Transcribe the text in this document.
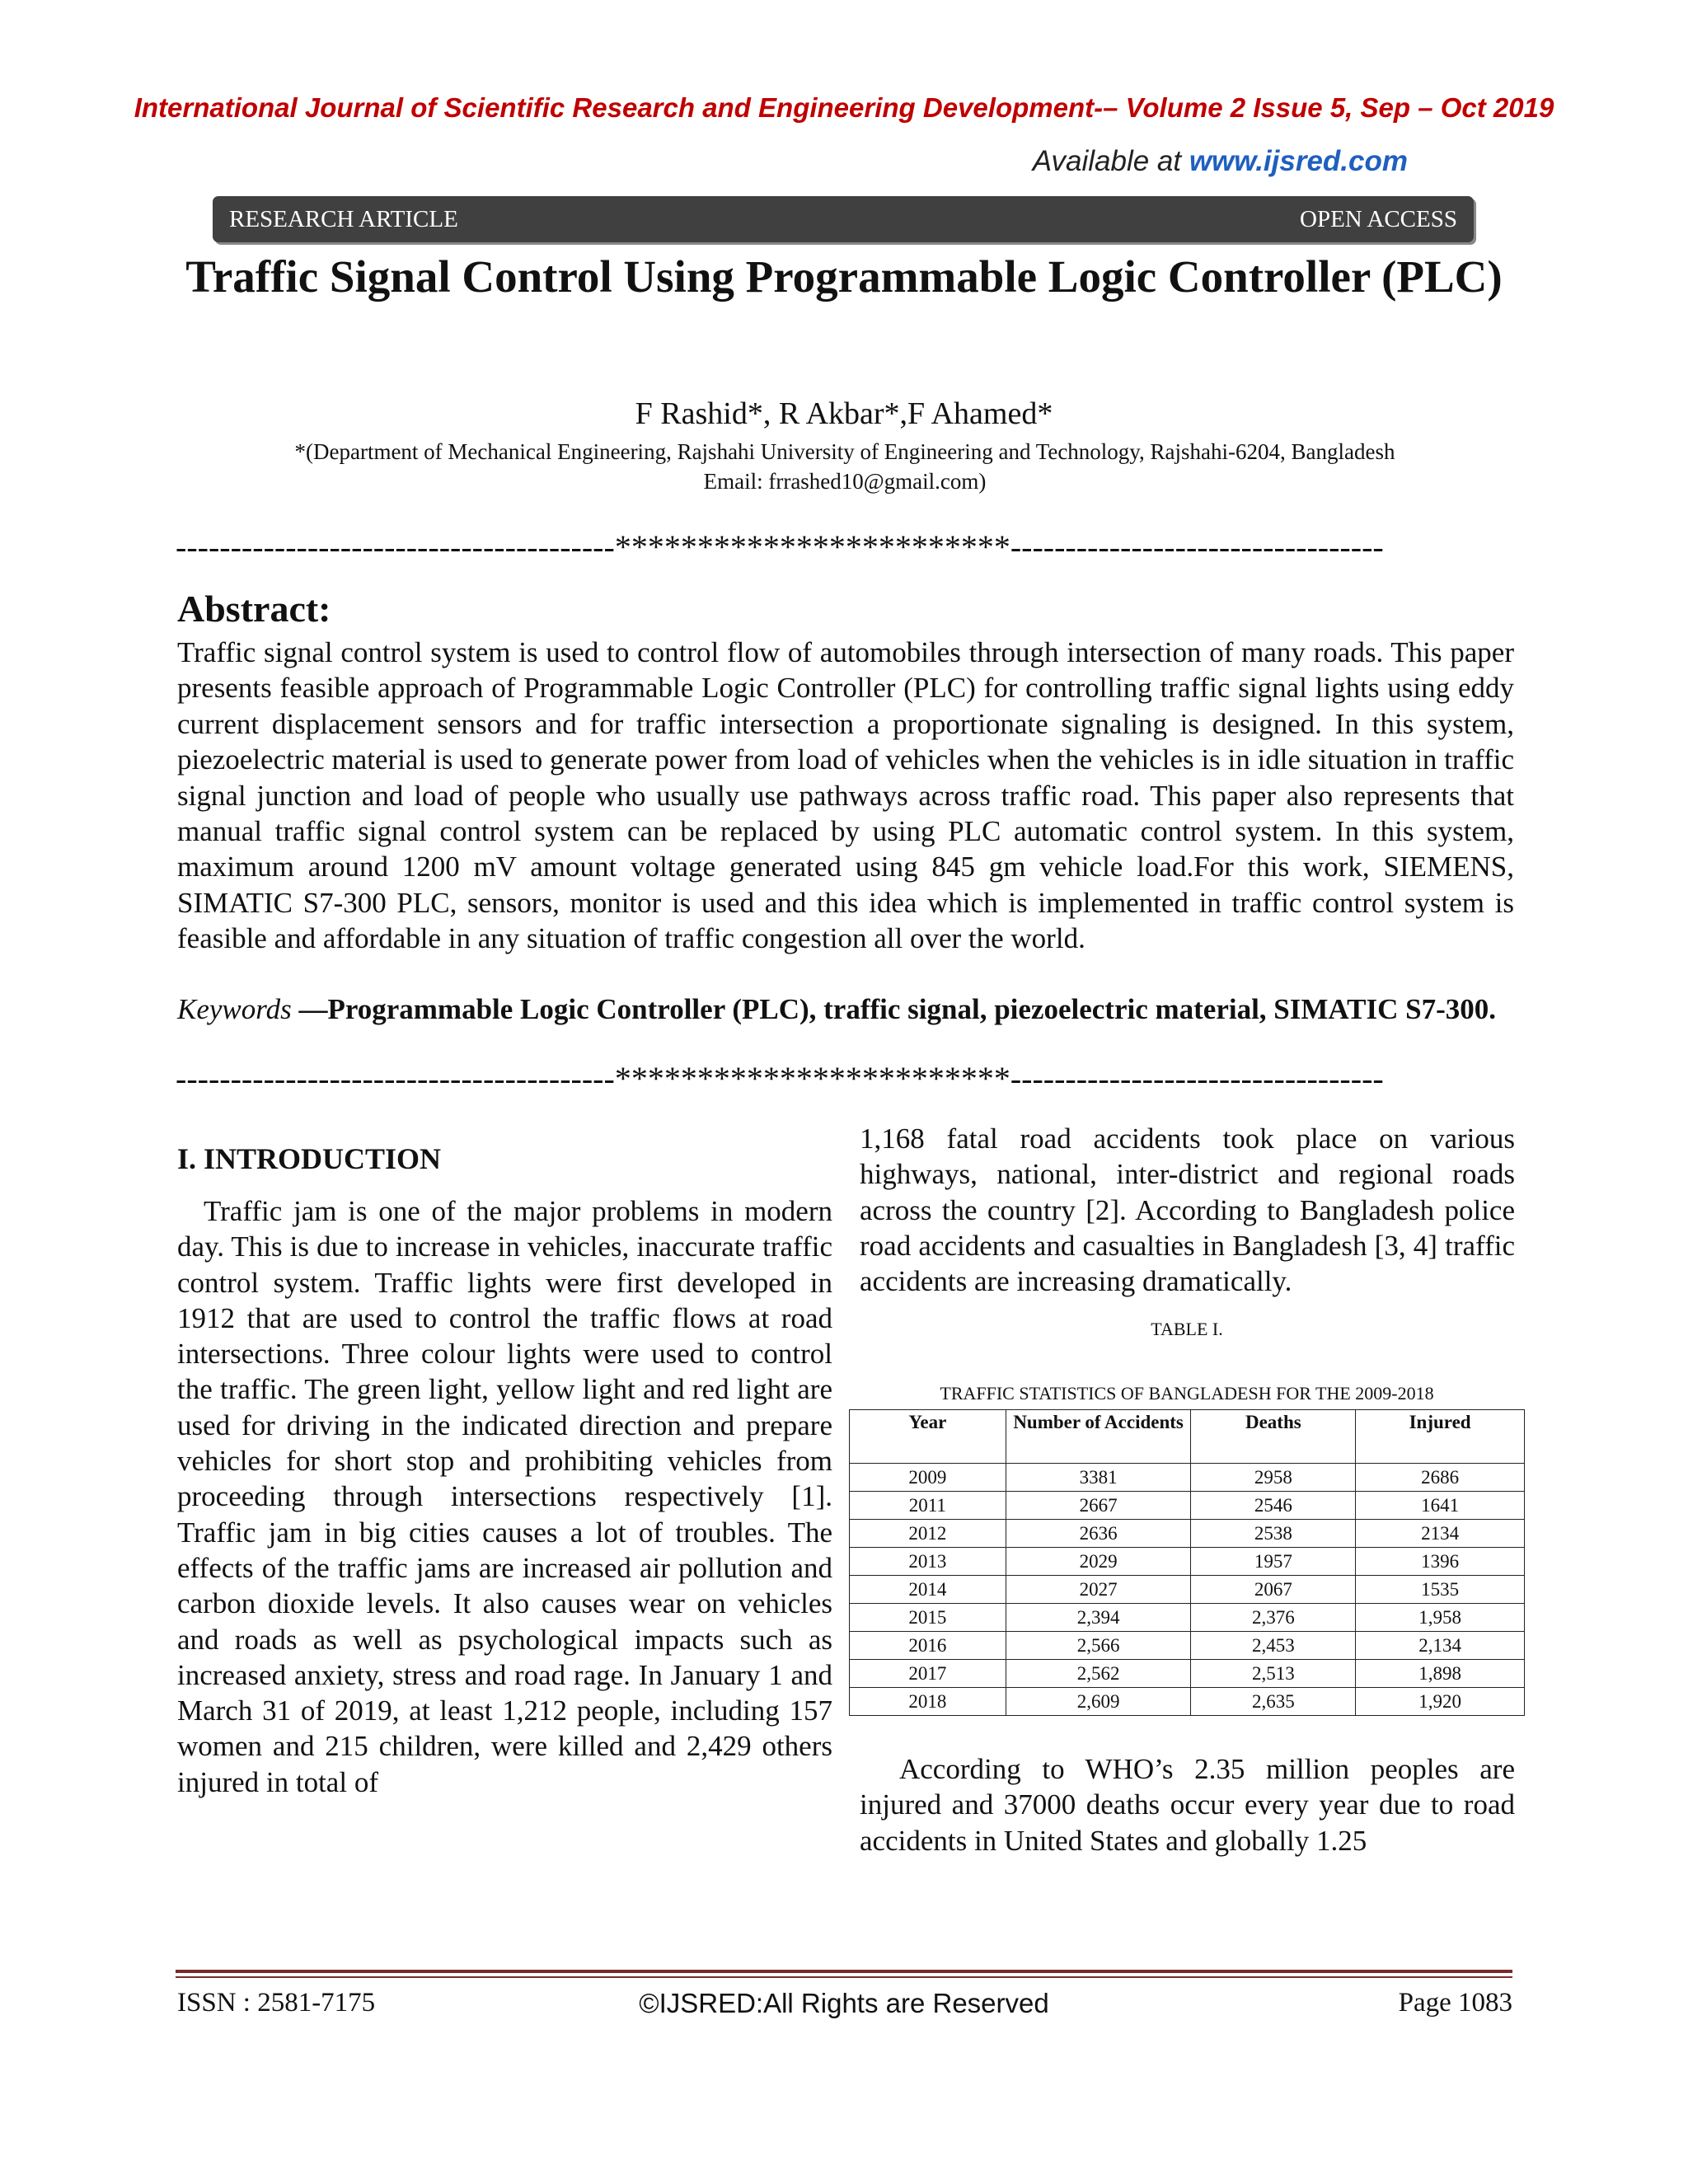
International Journal of Scientific Research and Engineering Development-– Volume 2 Issue 5, Sep – Oct 2019
Available at www.ijsred.com
RESEARCH ARTICLE	OPEN ACCESS
Traffic Signal Control Using Programmable Logic Controller (PLC)
F Rashid*, R Akbar*,F Ahamed*
*(Department of Mechanical Engineering, Rajshahi University of Engineering and Technology, Rajshahi-6204, Bangladesh
Email: frrashed10@gmail.com)
----------------------------------------************************----------------------------------
Abstract:
Traffic signal control system is used to control flow of automobiles through intersection of many roads. This paper presents feasible approach of Programmable Logic Controller (PLC) for controlling traffic signal lights using eddy current displacement sensors and for traffic intersection a proportionate signaling is designed. In this system, piezoelectric material is used to generate power from load of vehicles when the vehicles is in idle situation in traffic signal junction and load of people who usually use pathways across traffic road. This paper also represents that manual traffic signal control system can be replaced by using PLC automatic control system. In this system, maximum around 1200 mV amount voltage generated using 845 gm vehicle load.For this work, SIEMENS, SIMATIC S7-300 PLC, sensors, monitor is used and this idea which is implemented in traffic control system is feasible and affordable in any situation of traffic congestion all over the world.
Keywords —Programmable Logic Controller (PLC), traffic signal, piezoelectric material, SIMATIC S7-300.
----------------------------------------************************----------------------------------
I. INTRODUCTION
Traffic jam is one of the major problems in modern day. This is due to increase in vehicles, inaccurate traffic control system. Traffic lights were first developed in 1912 that are used to control the traffic flows at road intersections. Three colour lights were used to control the traffic. The green light, yellow light and red light are used for driving in the indicated direction and prepare vehicles for short stop and prohibiting vehicles from proceeding through intersections respectively [1]. Traffic jam in big cities causes a lot of troubles. The effects of the traffic jams are increased air pollution and carbon dioxide levels. It also causes wear on vehicles and roads as well as psychological impacts such as increased anxiety, stress and road rage. In January 1 and March 31 of 2019, at least 1,212 people, including 157 women and 215 children, were killed and 2,429 others injured in total of
1,168 fatal road accidents took place on various highways, national, inter-district and regional roads across the country [2]. According to Bangladesh police road accidents and casualties in Bangladesh [3, 4] traffic accidents are increasing dramatically.
TABLE I.
TRAFFIC STATISTICS OF BANGLADESH FOR THE 2009-2018
Year	Number of Accidents	Deaths	Injured
2009	3381	2958	2686
2011	2667	2546	1641
2012	2636	2538	2134
2013	2029	1957	1396
2014	2027	2067	1535
2015	2,394	2,376	1,958
2016	2,566	2,453	2,134
2017	2,562	2,513	1,898
2018	2,609	2,635	1,920
According to WHO’s 2.35 million peoples are injured and 37000 deaths occur every year due to road accidents in United States and globally 1.25
ISSN : 2581-7175	©IJSRED:All Rights are Reserved	Page 1083
